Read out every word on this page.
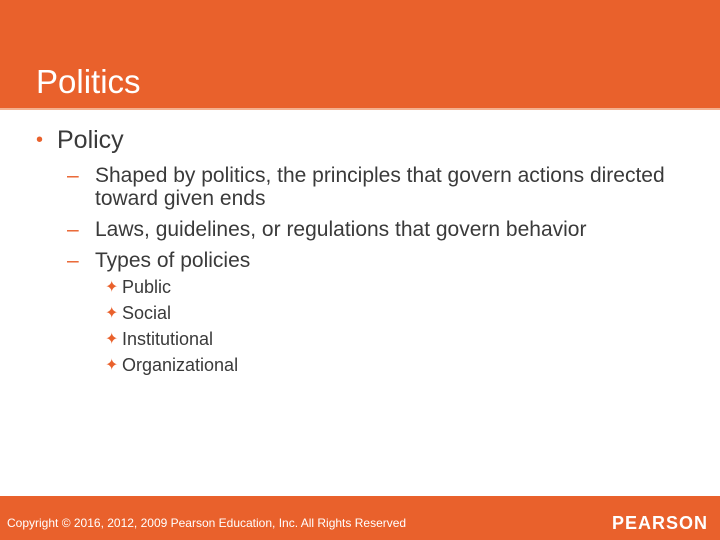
Politics
• Policy
– Shaped by politics, the principles that govern actions directed toward given ends
– Laws, guidelines, or regulations that govern behavior
– Types of policies
✦ Public
✦ Social
✦ Institutional
✦ Organizational
Copyright © 2016, 2012, 2009 Pearson Education, Inc. All Rights Reserved	PEARSON
